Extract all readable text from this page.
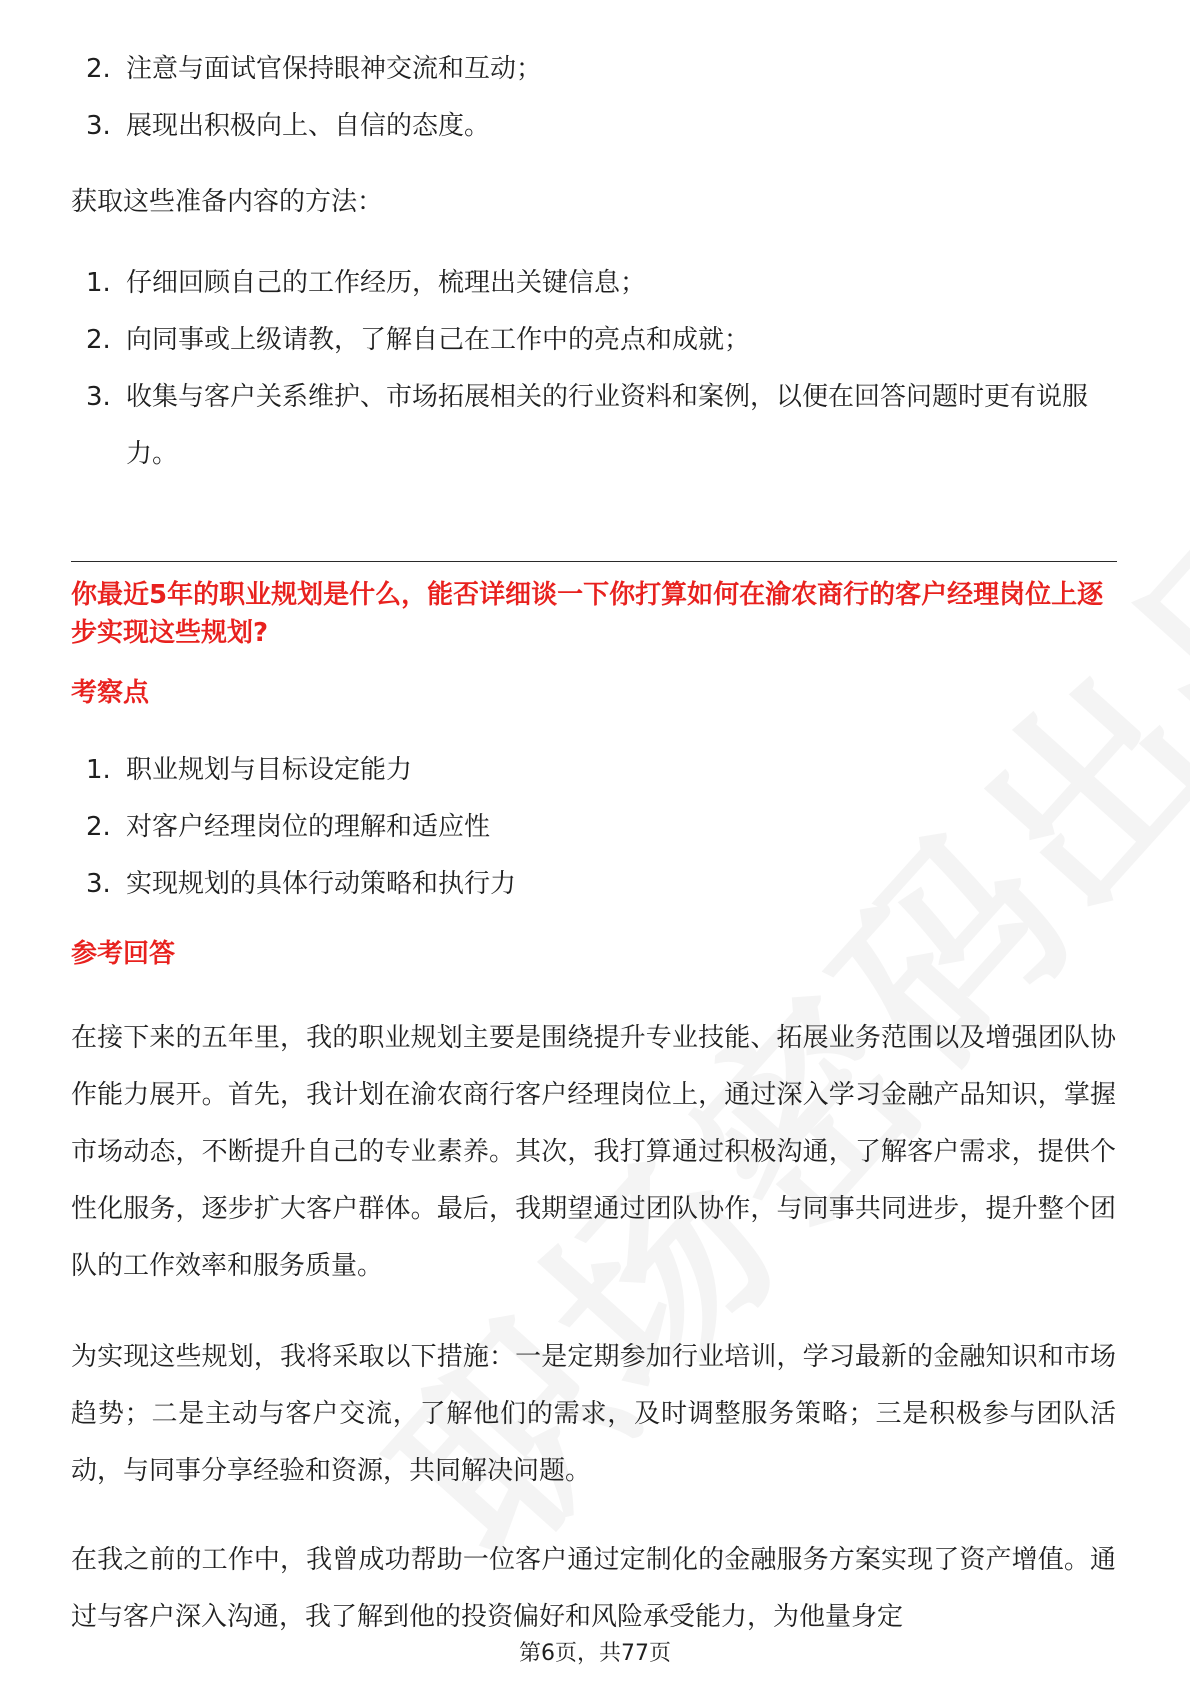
2. 注意与面试官保持眼神交流和互动；
3. 展现出积极向上、自信的态度。

获取这些准备内容的方法：

1. 仔细回顾自己的工作经历，梳理出关键信息；
2. 向同事或上级请教，了解自己在工作中的亮点和成就；
3. 收集与客户关系维护、市场拓展相关的行业资料和案例，以便在回答问题时更有说服力。
你最近5年的职业规划是什么，能否详细谈一下你打算如何在渝农商行的客户经理岗位上逐步实现这些规划?
考察点
1. 职业规划与目标设定能力
2. 对客户经理岗位的理解和适应性
3. 实现规划的具体行动策略和执行力
参考回答

在接下来的五年里，我的职业规划主要是围绕提升专业技能、拓展业务范围以及增强团队协作能力展开。首先，我计划在渝农商行客户经理岗位上，通过深入学习金融产品知识，掌握市场动态，不断提升自己的专业素养。其次，我打算通过积极沟通，了解客户需求，提供个性化服务，逐步扩大客户群体。最后，我期望通过团队协作，与同事共同进步，提升整个团队的工作效率和服务质量。

为实现这些规划，我将采取以下措施：一是定期参加行业培训，学习最新的金融知识和市场趋势；二是主动与客户交流，了解他们的需求，及时调整服务策略；三是积极参与团队活动，与同事分享经验和资源，共同解决问题。

在我之前的工作中，我曾成功帮助一位客户通过定制化的金融服务方案实现了资产增值。通过与客户深入沟通，我了解到他的投资偏好和风险承受能力，为他量身定

第6页，共77页
